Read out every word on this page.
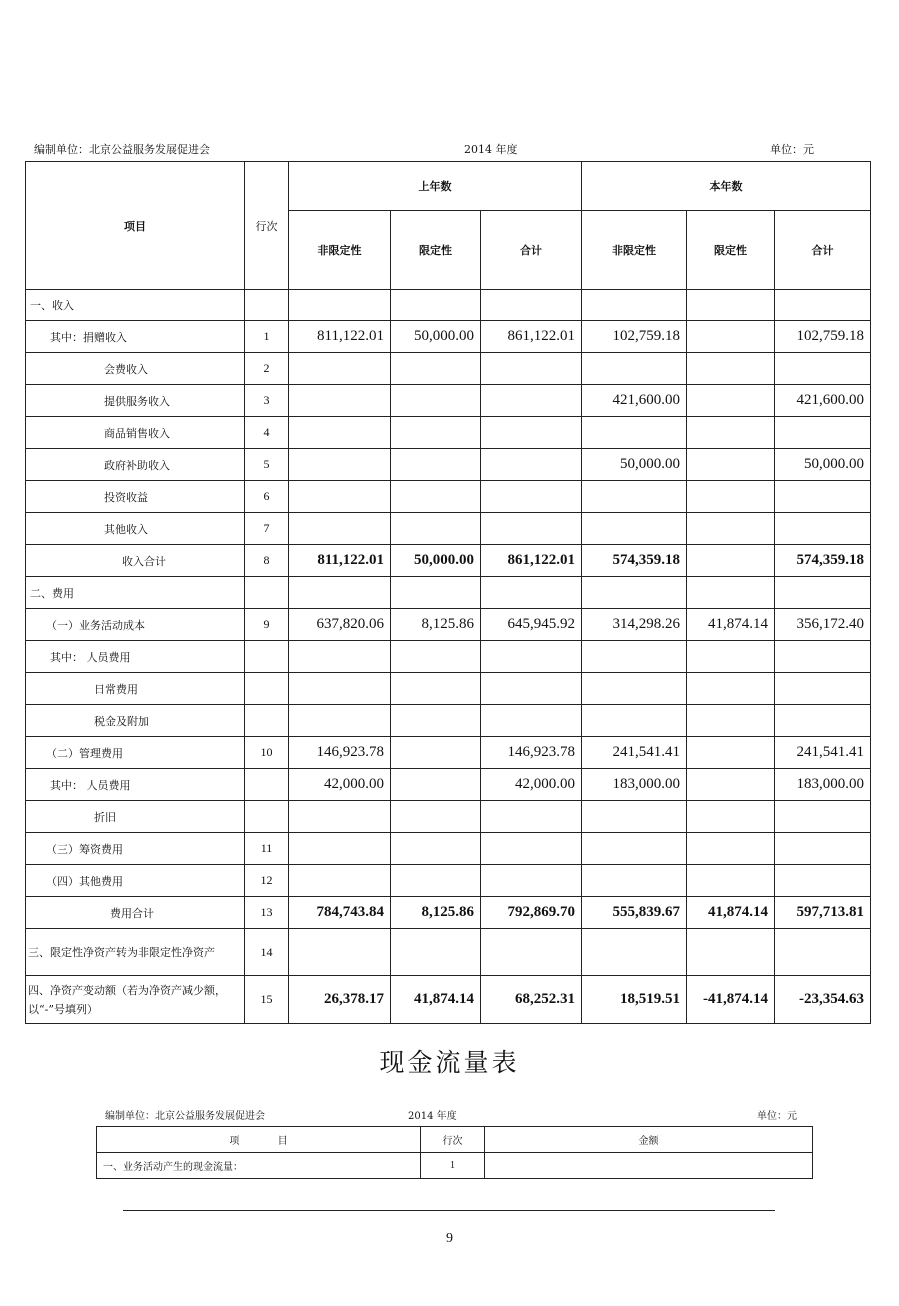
编制单位：北京公益服务发展促进会	2014 年度	单位：元
项目	行次	上年数			本年数		
		非限定性	限定性	合计	非限定性	限定性	合计
一、收入							
其中：捐赠收入	1	811,122.01	50,000.00	861,122.01	102,759.18		102,759.18
会费收入	2						
提供服务收入	3				421,600.00		421,600.00
商品销售收入	4						
政府补助收入	5				50,000.00		50,000.00
投资收益	6						
其他收入	7						
收入合计	8	811,122.01	50,000.00	861,122.01	574,359.18		574,359.18
二、费用							
（一）业务活动成本	9	637,820.06	8,125.86	645,945.92	314,298.26	41,874.14	356,172.40
其中： 人员费用							
日常费用							
税金及附加							
（二）管理费用	10	146,923.78		146,923.78	241,541.41		241,541.41
其中： 人员费用		42,000.00		42,000.00	183,000.00		183,000.00
折旧							
（三）筹资费用	11						
（四）其他费用	12						
费用合计	13	784,743.84	8,125.86	792,869.70	555,839.67	41,874.14	597,713.81
三、限定性净资产转为非限定性净资产	14						
四、净资产变动额（若为净资产减少额，以“-”号填列）	15	26,378.17	41,874.14	68,252.31	18,519.51	-41,874.14	-23,354.63
现金流量表
编制单位：北京公益服务发展促进会	2014 年度	单位：元
项            目	行次	金额
一、业务活动产生的现金流量：	1	
9
